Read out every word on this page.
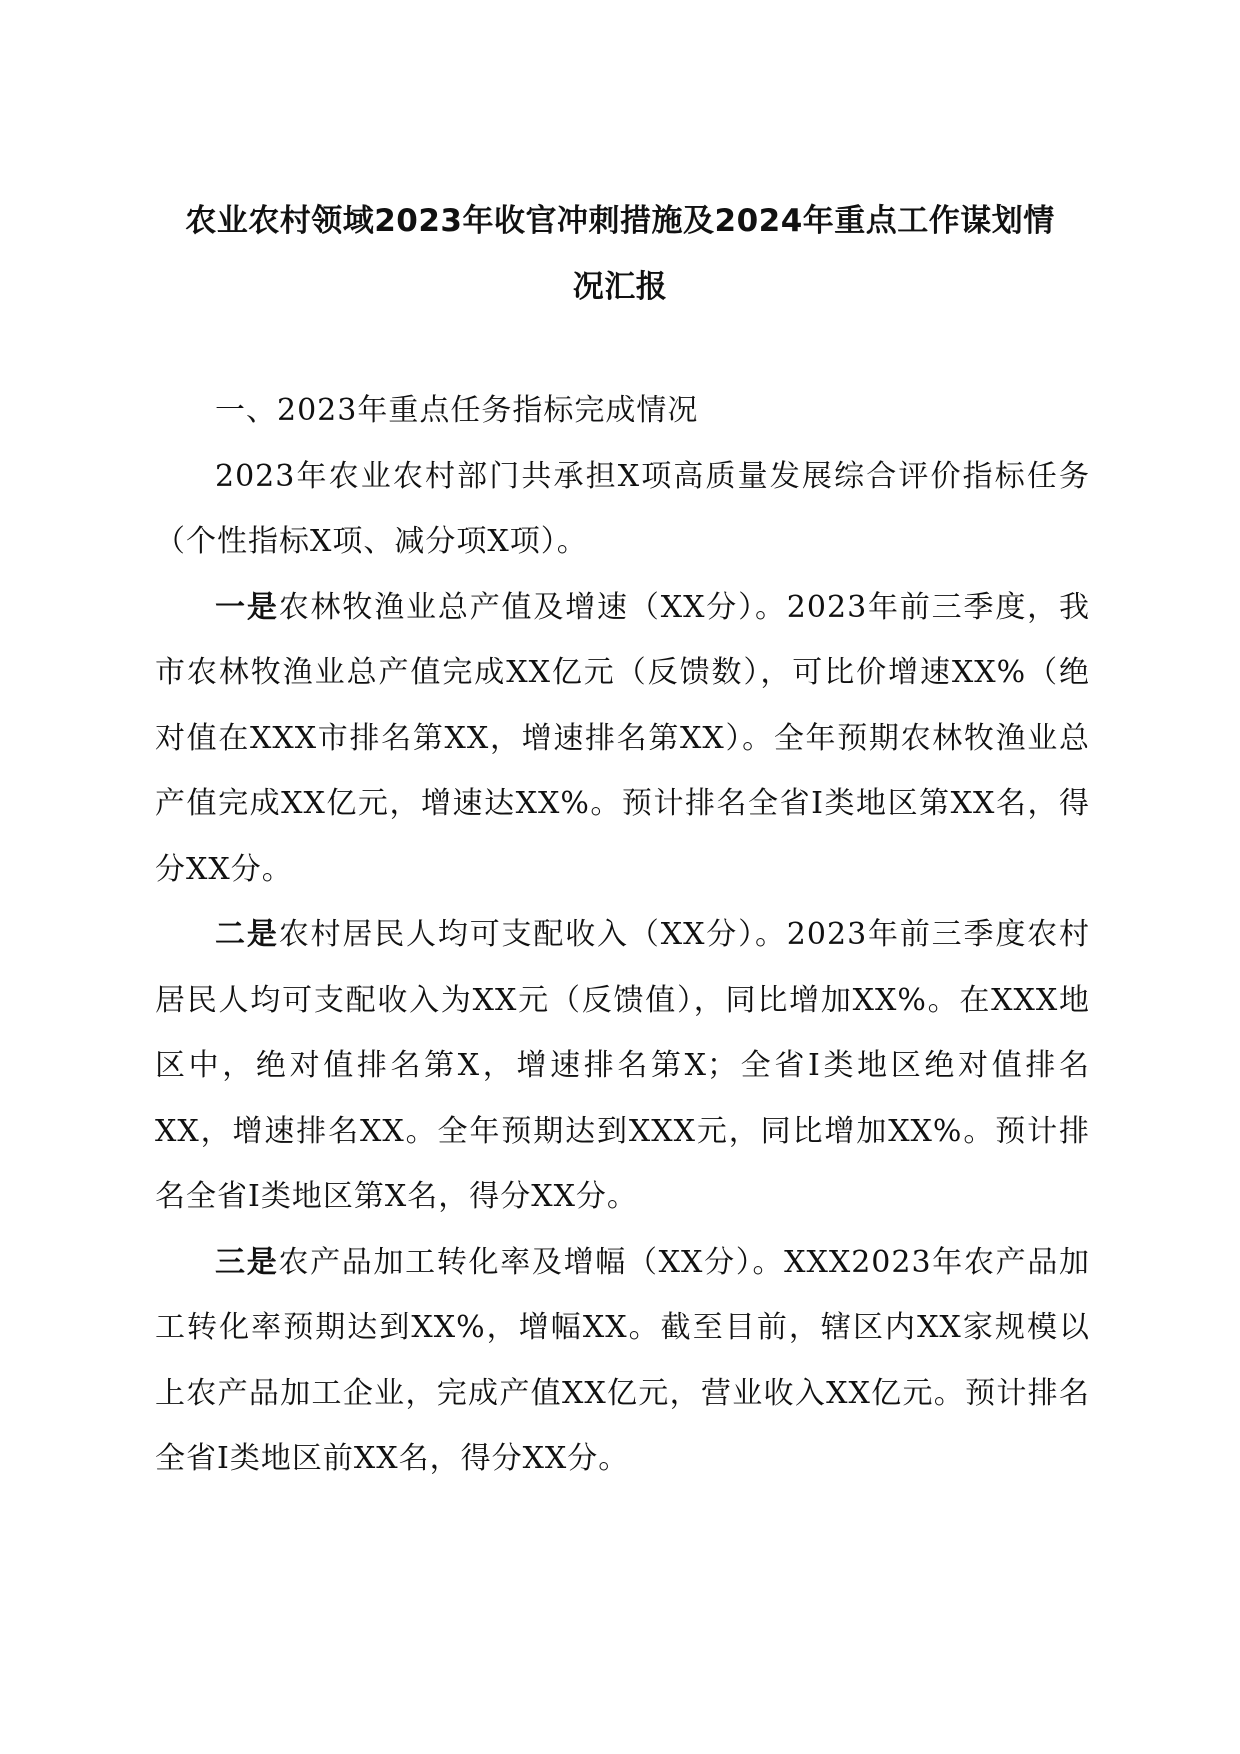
农业农村领域2023年收官冲刺措施及2024年重点工作谋划情
况汇报

一、2023年重点任务指标完成情况

2023年农业农村部门共承担X项高质量发展综合评价指标任务（个性指标X项、减分项X项）。

一是农林牧渔业总产值及增速（XX分）。2023年前三季度，我市农林牧渔业总产值完成XX亿元（反馈数），可比价增速XX%（绝对值在XXX市排名第XX，增速排名第XX）。全年预期农林牧渔业总产值完成XX亿元，增速达XX%。预计排名全省I类地区第XX名，得分XX分。

二是农村居民人均可支配收入（XX分）。2023年前三季度农村居民人均可支配收入为XX元（反馈值），同比增加XX%。在XXX地区中，绝对值排名第X，增速排名第X；全省I类地区绝对值排名XX，增速排名XX。全年预期达到XXX元，同比增加XX%。预计排名全省I类地区第X名，得分XX分。

三是农产品加工转化率及增幅（XX分）。XXX2023年农产品加工转化率预期达到XX%，增幅XX。截至目前，辖区内XX家规模以上农产品加工企业，完成产值XX亿元，营业收入XX亿元。预计排名全省I类地区前XX名，得分XX分。
